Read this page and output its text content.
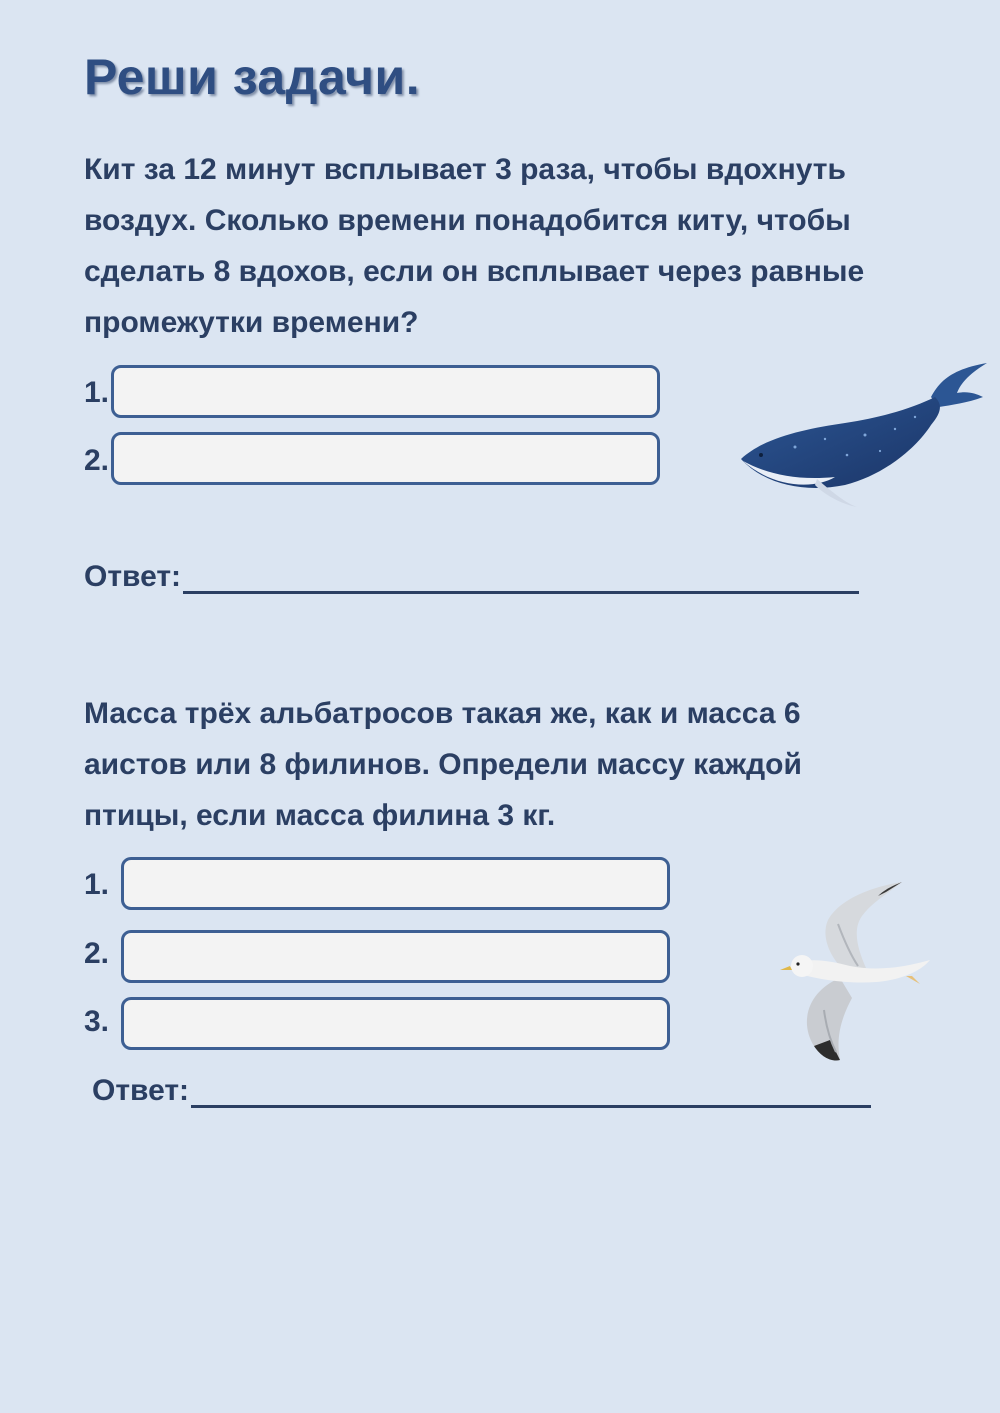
Реши задачи.

Кит за 12 минут всплывает 3 раза, чтобы вдохнуть воздух. Сколько времени понадобится киту, чтобы сделать 8 вдохов, если он всплывает через равные промежутки времени?

1.
2.
Ответ:

Масса трёх альбатросов такая же, как и масса 6 аистов или 8 филинов. Определи массу каждой птицы, если масса филина 3 кг.

1.
2.
3.
Ответ:
